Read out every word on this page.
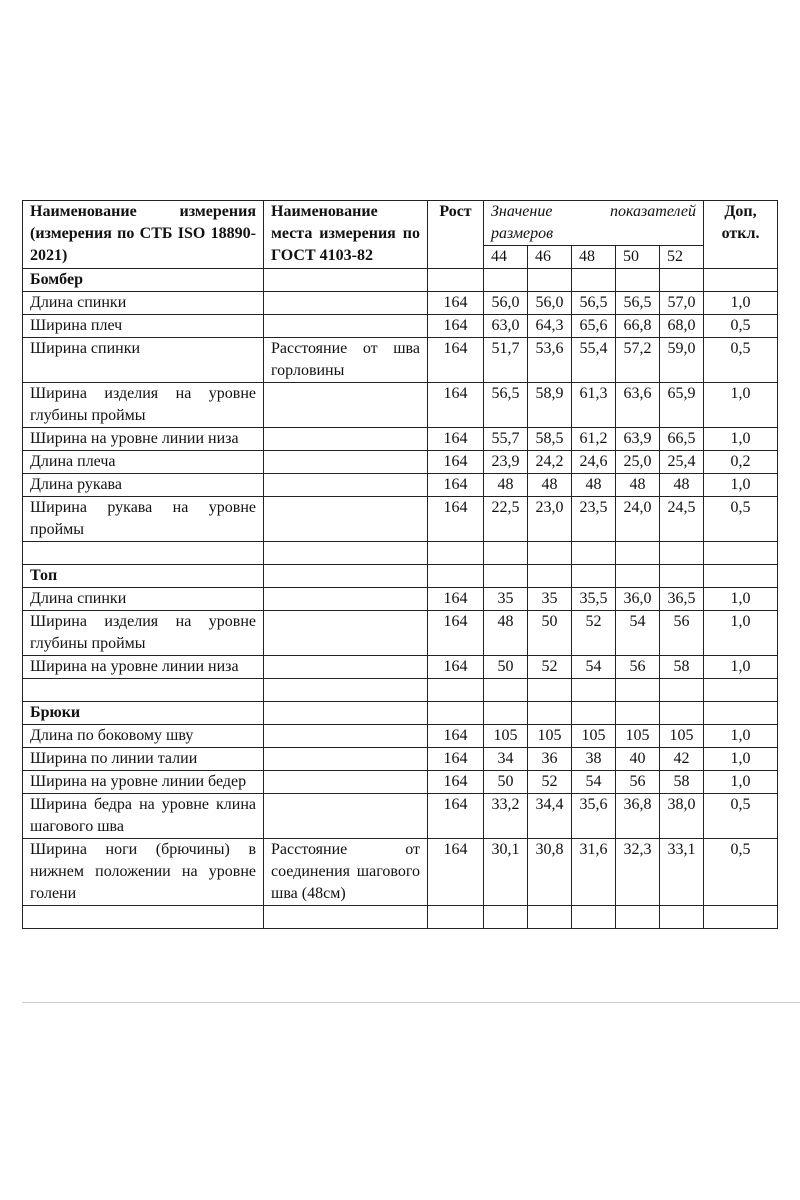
Наименование измерения (измерения по СТБ ISO 18890-2021)	Наименование места измерения по ГОСТ 4103-82	Рост	Значение показателей размеров					Доп, откл.
			44	46	48	50	52	
Бомбер								
Длина спинки		164	56,0	56,0	56,5	56,5	57,0	1,0
Ширина плеч		164	63,0	64,3	65,6	66,8	68,0	0,5
Ширина спинки	Расстояние от шва горловины	164	51,7	53,6	55,4	57,2	59,0	0,5
Ширина изделия на уровне глубины проймы		164	56,5	58,9	61,3	63,6	65,9	1,0
Ширина на уровне линии низа		164	55,7	58,5	61,2	63,9	66,5	1,0
Длина плеча		164	23,9	24,2	24,6	25,0	25,4	0,2
Длина рукава		164	48	48	48	48	48	1,0
Ширина рукава на уровне проймы		164	22,5	23,0	23,5	24,0	24,5	0,5

Топ								
Длина спинки		164	35	35	35,5	36,0	36,5	1,0
Ширина изделия на уровне глубины проймы		164	48	50	52	54	56	1,0
Ширина на уровне линии низа		164	50	52	54	56	58	1,0

Брюки								
Длина по боковому шву		164	105	105	105	105	105	1,0
Ширина по линии талии		164	34	36	38	40	42	1,0
Ширина на уровне линии бедер		164	50	52	54	56	58	1,0
Ширина бедра на уровне клина шагового шва		164	33,2	34,4	35,6	36,8	38,0	0,5
Ширина ноги (брючины) в нижнем положении на уровне голени	Расстояние от соединения шагового шва (48см)	164	30,1	30,8	31,6	32,3	33,1	0,5
